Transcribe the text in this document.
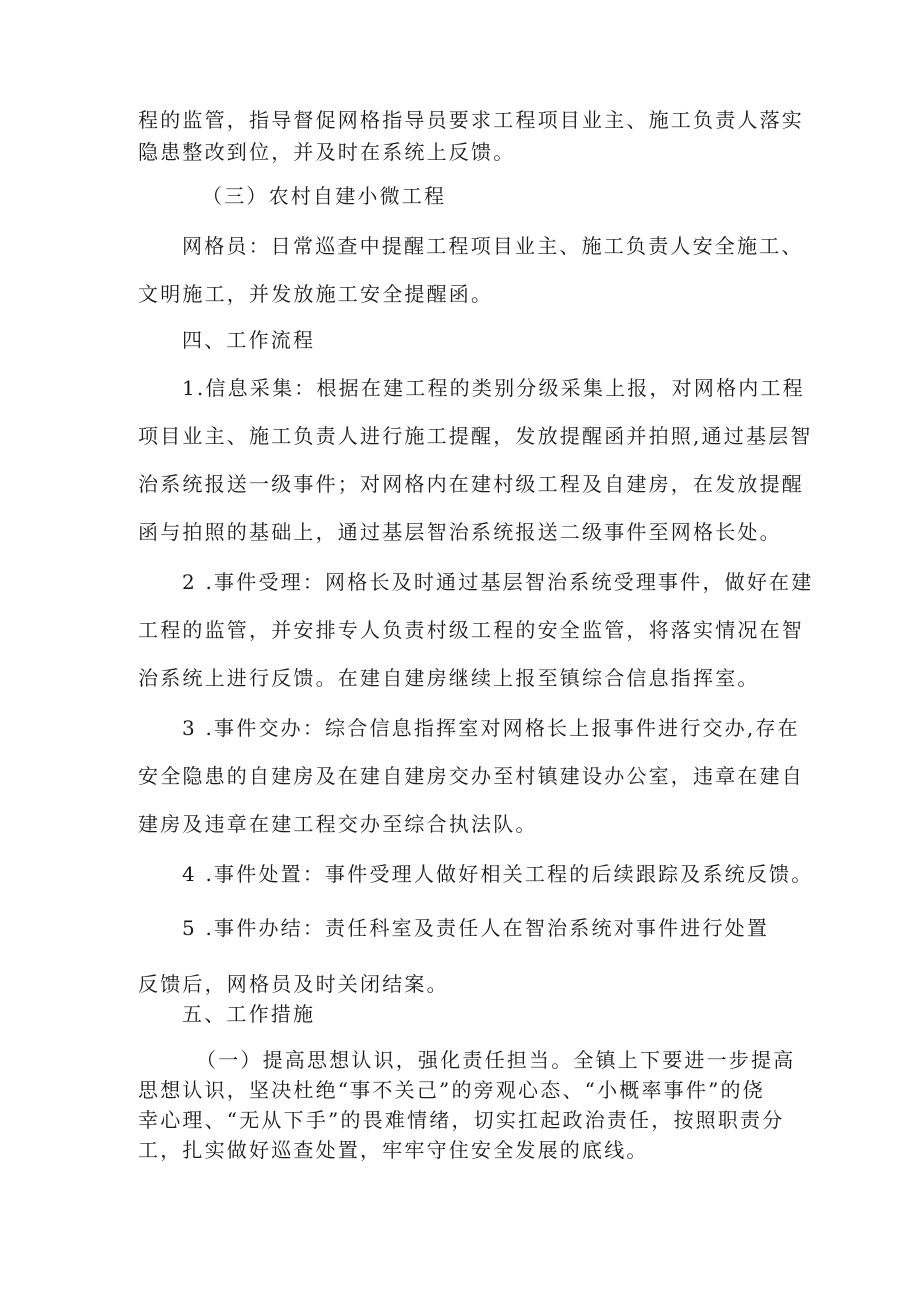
程的监管，指导督促网格指导员要求工程项目业主、施工负责人落实
隐患整改到位，并及时在系统上反馈。
（三）农村自建小微工程
网格员：日常巡查中提醒工程项目业主、施工负责人安全施工、
文明施工，并发放施工安全提醒函。
四、工作流程
1.信息采集：根据在建工程的类别分级采集上报，对网格内工程
项目业主、施工负责人进行施工提醒，发放提醒函并拍照,通过基层智
治系统报送一级事件；对网格内在建村级工程及自建房，在发放提醒
函与拍照的基础上，通过基层智治系统报送二级事件至网格长处。
2 .事件受理：网格长及时通过基层智治系统受理事件，做好在建
工程的监管，并安排专人负责村级工程的安全监管，将落实情况在智
治系统上进行反馈。在建自建房继续上报至镇综合信息指挥室。
3 .事件交办：综合信息指挥室对网格长上报事件进行交办,存在
安全隐患的自建房及在建自建房交办至村镇建设办公室，违章在建自
建房及违章在建工程交办至综合执法队。
4 .事件处置：事件受理人做好相关工程的后续跟踪及系统反馈。
5 .事件办结：责任科室及责任人在智治系统对事件进行处置
反馈后，网格员及时关闭结案。
五、工作措施
（一）提高思想认识，强化责任担当。全镇上下要进一步提高
思想认识，坚决杜绝“事不关己”的旁观心态、“小概率事件”的侥
幸心理、“无从下手”的畏难情绪，切实扛起政治责任，按照职责分
工，扎实做好巡查处置，牢牢守住安全发展的底线。
